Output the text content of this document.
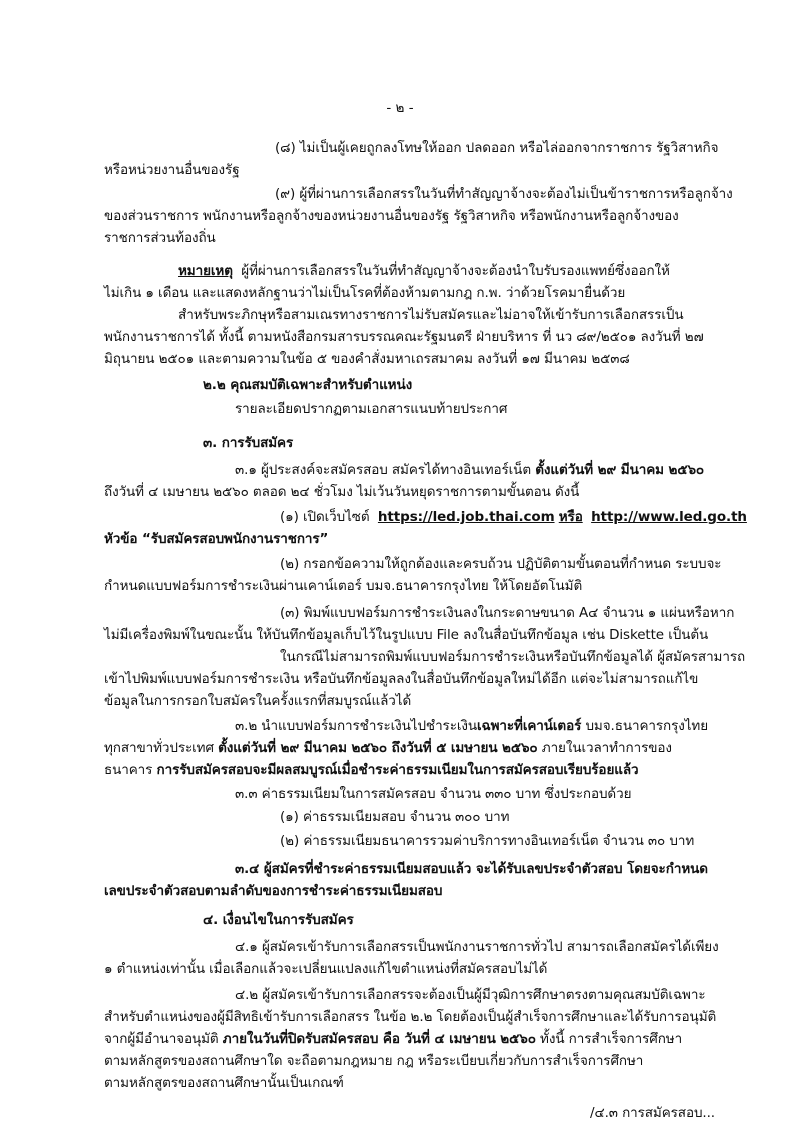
- ๒ -
(๘) ไม่เป็นผู้เคยถูกลงโทษให้ออก ปลดออก หรือไล่ออกจากราชการ รัฐวิสาหกิจ
หรือหน่วยงานอื่นของรัฐ
(๙) ผู้ที่ผ่านการเลือกสรรในวันที่ทำสัญญาจ้างจะต้องไม่เป็นข้าราชการหรือลูกจ้าง
ของส่วนราชการ พนักงานหรือลูกจ้างของหน่วยงานอื่นของรัฐ รัฐวิสาหกิจ หรือพนักงานหรือลูกจ้างของ
ราชการส่วนท้องถิ่น
หมายเหตุ ผู้ที่ผ่านการเลือกสรรในวันที่ทำสัญญาจ้างจะต้องนำใบรับรองแพทย์ซึ่งออกให้
ไม่เกิน ๑ เดือน และแสดงหลักฐานว่าไม่เป็นโรคที่ต้องห้ามตามกฎ ก.พ. ว่าด้วยโรคมายื่นด้วย
สำหรับพระภิกษุหรือสามเณรทางราชการไม่รับสมัครและไม่อาจให้เข้ารับการเลือกสรรเป็น
พนักงานราชการได้ ทั้งนี้ ตามหนังสือกรมสารบรรณคณะรัฐมนตรี ฝ่ายบริหาร ที่ นว ๘๙/๒๕๐๑ ลงวันที่ ๒๗
มิถุนายน ๒๕๐๑ และตามความในข้อ ๕ ของคำสั่งมหาเถรสมาคม ลงวันที่ ๑๗ มีนาคม ๒๕๓๘
๒.๒ คุณสมบัติเฉพาะสำหรับตำแหน่ง
รายละเอียดปรากฏตามเอกสารแนบท้ายประกาศ
๓. การรับสมัคร
๓.๑ ผู้ประสงค์จะสมัครสอบ สมัครได้ทางอินเทอร์เน็ต ตั้งแต่วันที่ ๒๙ มีนาคม ๒๕๖๐
ถึงวันที่ ๔ เมษายน ๒๕๖๐ ตลอด ๒๔ ชั่วโมง ไม่เว้นวันหยุดราชการตามขั้นตอน ดังนี้
(๑) เปิดเว็บไซต์ https://led.job.thai.com หรือ http://www.led.go.th
หัวข้อ “รับสมัครสอบพนักงานราชการ”
(๒) กรอกข้อความให้ถูกต้องและครบถ้วน ปฏิบัติตามขั้นตอนที่กำหนด ระบบจะ
กำหนดแบบฟอร์มการชำระเงินผ่านเคาน์เตอร์ บมจ.ธนาคารกรุงไทย ให้โดยอัตโนมัติ
(๓) พิมพ์แบบฟอร์มการชำระเงินลงในกระดาษขนาด A๔ จำนวน ๑ แผ่นหรือหาก
ไม่มีเครื่องพิมพ์ในขณะนั้น ให้บันทึกข้อมูลเก็บไว้ในรูปแบบ File ลงในสื่อบันทึกข้อมูล เช่น Diskette เป็นต้น
ในกรณีไม่สามารถพิมพ์แบบฟอร์มการชำระเงินหรือบันทึกข้อมูลได้ ผู้สมัครสามารถ
เข้าไปพิมพ์แบบฟอร์มการชำระเงิน หรือบันทึกข้อมูลลงในสื่อบันทึกข้อมูลใหม่ได้อีก แต่จะไม่สามารถแก้ไข
ข้อมูลในการกรอกใบสมัครในครั้งแรกที่สมบูรณ์แล้วได้
๓.๒ นำแบบฟอร์มการชำระเงินไปชำระเงินเฉพาะที่เคาน์เตอร์ บมจ.ธนาคารกรุงไทย
ทุกสาขาทั่วประเทศ ตั้งแต่วันที่ ๒๙ มีนาคม ๒๕๖๐ ถึงวันที่ ๕ เมษายน ๒๕๖๐ ภายในเวลาทำการของ
ธนาคาร การรับสมัครสอบจะมีผลสมบูรณ์เมื่อชำระค่าธรรมเนียมในการสมัครสอบเรียบร้อยแล้ว
๓.๓ ค่าธรรมเนียมในการสมัครสอบ จำนวน ๓๓๐ บาท ซึ่งประกอบด้วย
(๑) ค่าธรรมเนียมสอบ จำนวน ๓๐๐ บาท
(๒) ค่าธรรมเนียมธนาคารรวมค่าบริการทางอินเทอร์เน็ต จำนวน ๓๐ บาท
๓.๔ ผู้สมัครที่ชำระค่าธรรมเนียมสอบแล้ว จะได้รับเลขประจำตัวสอบ โดยจะกำหนด
เลขประจำตัวสอบตามลำดับของการชำระค่าธรรมเนียมสอบ
๔. เงื่อนไขในการรับสมัคร
๔.๑ ผู้สมัครเข้ารับการเลือกสรรเป็นพนักงานราชการทั่วไป สามารถเลือกสมัครได้เพียง
๑ ตำแหน่งเท่านั้น เมื่อเลือกแล้วจะเปลี่ยนแปลงแก้ไขตำแหน่งที่สมัครสอบไม่ได้
๔.๒ ผู้สมัครเข้ารับการเลือกสรรจะต้องเป็นผู้มีวุฒิการศึกษาตรงตามคุณสมบัติเฉพาะ
สำหรับตำแหน่งของผู้มีสิทธิเข้ารับการเลือกสรร ในข้อ ๒.๒ โดยต้องเป็นผู้สำเร็จการศึกษาและได้รับการอนุมัติ
จากผู้มีอำนาจอนุมัติ ภายในวันที่ปิดรับสมัครสอบ คือ วันที่ ๔ เมษายน ๒๕๖๐ ทั้งนี้ การสำเร็จการศึกษา
ตามหลักสูตรของสถานศึกษาใด จะถือตามกฎหมาย กฎ หรือระเบียบเกี่ยวกับการสำเร็จการศึกษา
ตามหลักสูตรของสถานศึกษานั้นเป็นเกณฑ์
/๔.๓ การสมัครสอบ...
